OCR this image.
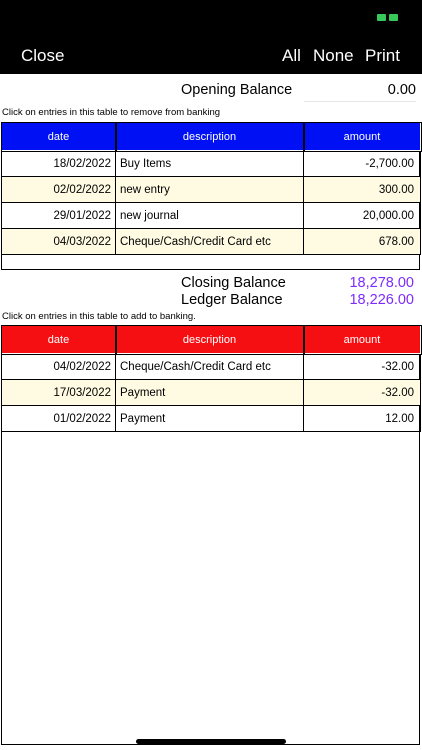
Close	All None Print
Opening Balance	0.00
Click on entries in this table to remove from banking
date	description	amount
18/02/2022	Buy Items	-2,700.00
02/02/2022	new entry	300.00
29/01/2022	new journal	20,000.00
04/03/2022	Cheque/Cash/Credit Card etc	678.00
Closing Balance	18,278.00
Ledger Balance	18,226.00
Click on entries in this table to add to banking.
date	description	amount
04/02/2022	Cheque/Cash/Credit Card etc	-32.00
17/03/2022	Payment	-32.00
01/02/2022	Payment	12.00
